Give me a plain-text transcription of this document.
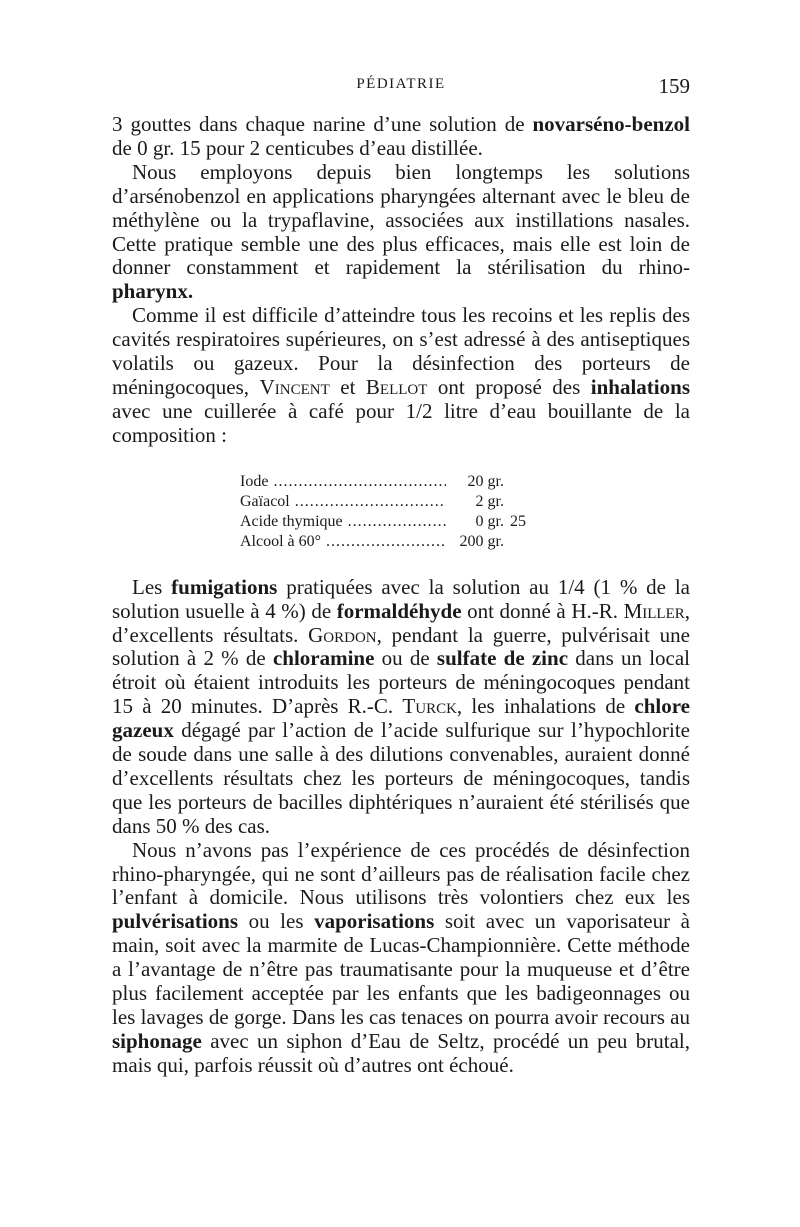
PÉDIATRIE	159

3 gouttes dans chaque narine d’une solution de novarséno-benzol de 0 gr. 15 pour 2 centicubes d’eau distillée.

Nous employons depuis bien longtemps les solutions d’arsénobenzol en applications pharyngées alternant avec le bleu de méthylène ou la trypaflavine, associées aux instillations nasales. Cette pratique semble une des plus efficaces, mais elle est loin de donner constamment et rapidement la stérilisation du rhino-pharynx.

Comme il est difficile d’atteindre tous les recoins et les replis des cavités respiratoires supérieures, on s’est adressé à des antiseptiques volatils ou gazeux. Pour la désinfection des porteurs de méningocoques, Vincent et Bellot ont proposé des inhalations avec une cuillerée à café pour 1/2 litre d’eau bouillante de la composition :

Iode .....	20 gr.
Gaïacol .....	2 gr.
Acide thymique .....	0 gr. 25
Alcool à 60° .....	200 gr.

Les fumigations pratiquées avec la solution au 1/4 (1 % de la solution usuelle à 4 %) de formaldéhyde ont donné à H.-R. Miller, d’excellents résultats. Gordon, pendant la guerre, pulvérisait une solution à 2 % de chloramine ou de sulfate de zinc dans un local étroit où étaient introduits les porteurs de méningocoques pendant 15 à 20 minutes. D’après R.-C. Turck, les inhalations de chlore gazeux dégagé par l’action de l’acide sulfurique sur l’hypochlorite de soude dans une salle à des dilutions convenables, auraient donné d’excellents résultats chez les porteurs de méningocoques, tandis que les porteurs de bacilles diphtériques n’auraient été stérilisés que dans 50 % des cas.

Nous n’avons pas l’expérience de ces procédés de désinfection rhino-pharyngée, qui ne sont d’ailleurs pas de réalisation facile chez l’enfant à domicile. Nous utilisons très volontiers chez eux les pulvérisations ou les vaporisations soit avec un vaporisateur à main, soit avec la marmite de Lucas-Championnière. Cette méthode a l’avantage de n’être pas traumatisante pour la muqueuse et d’être plus facilement acceptée par les enfants que les badigeonnages ou les lavages de gorge. Dans les cas tenaces on pourra avoir recours au siphonage avec un siphon d’Eau de Seltz, procédé un peu brutal, mais qui, parfois réussit où d’autres ont échoué.
